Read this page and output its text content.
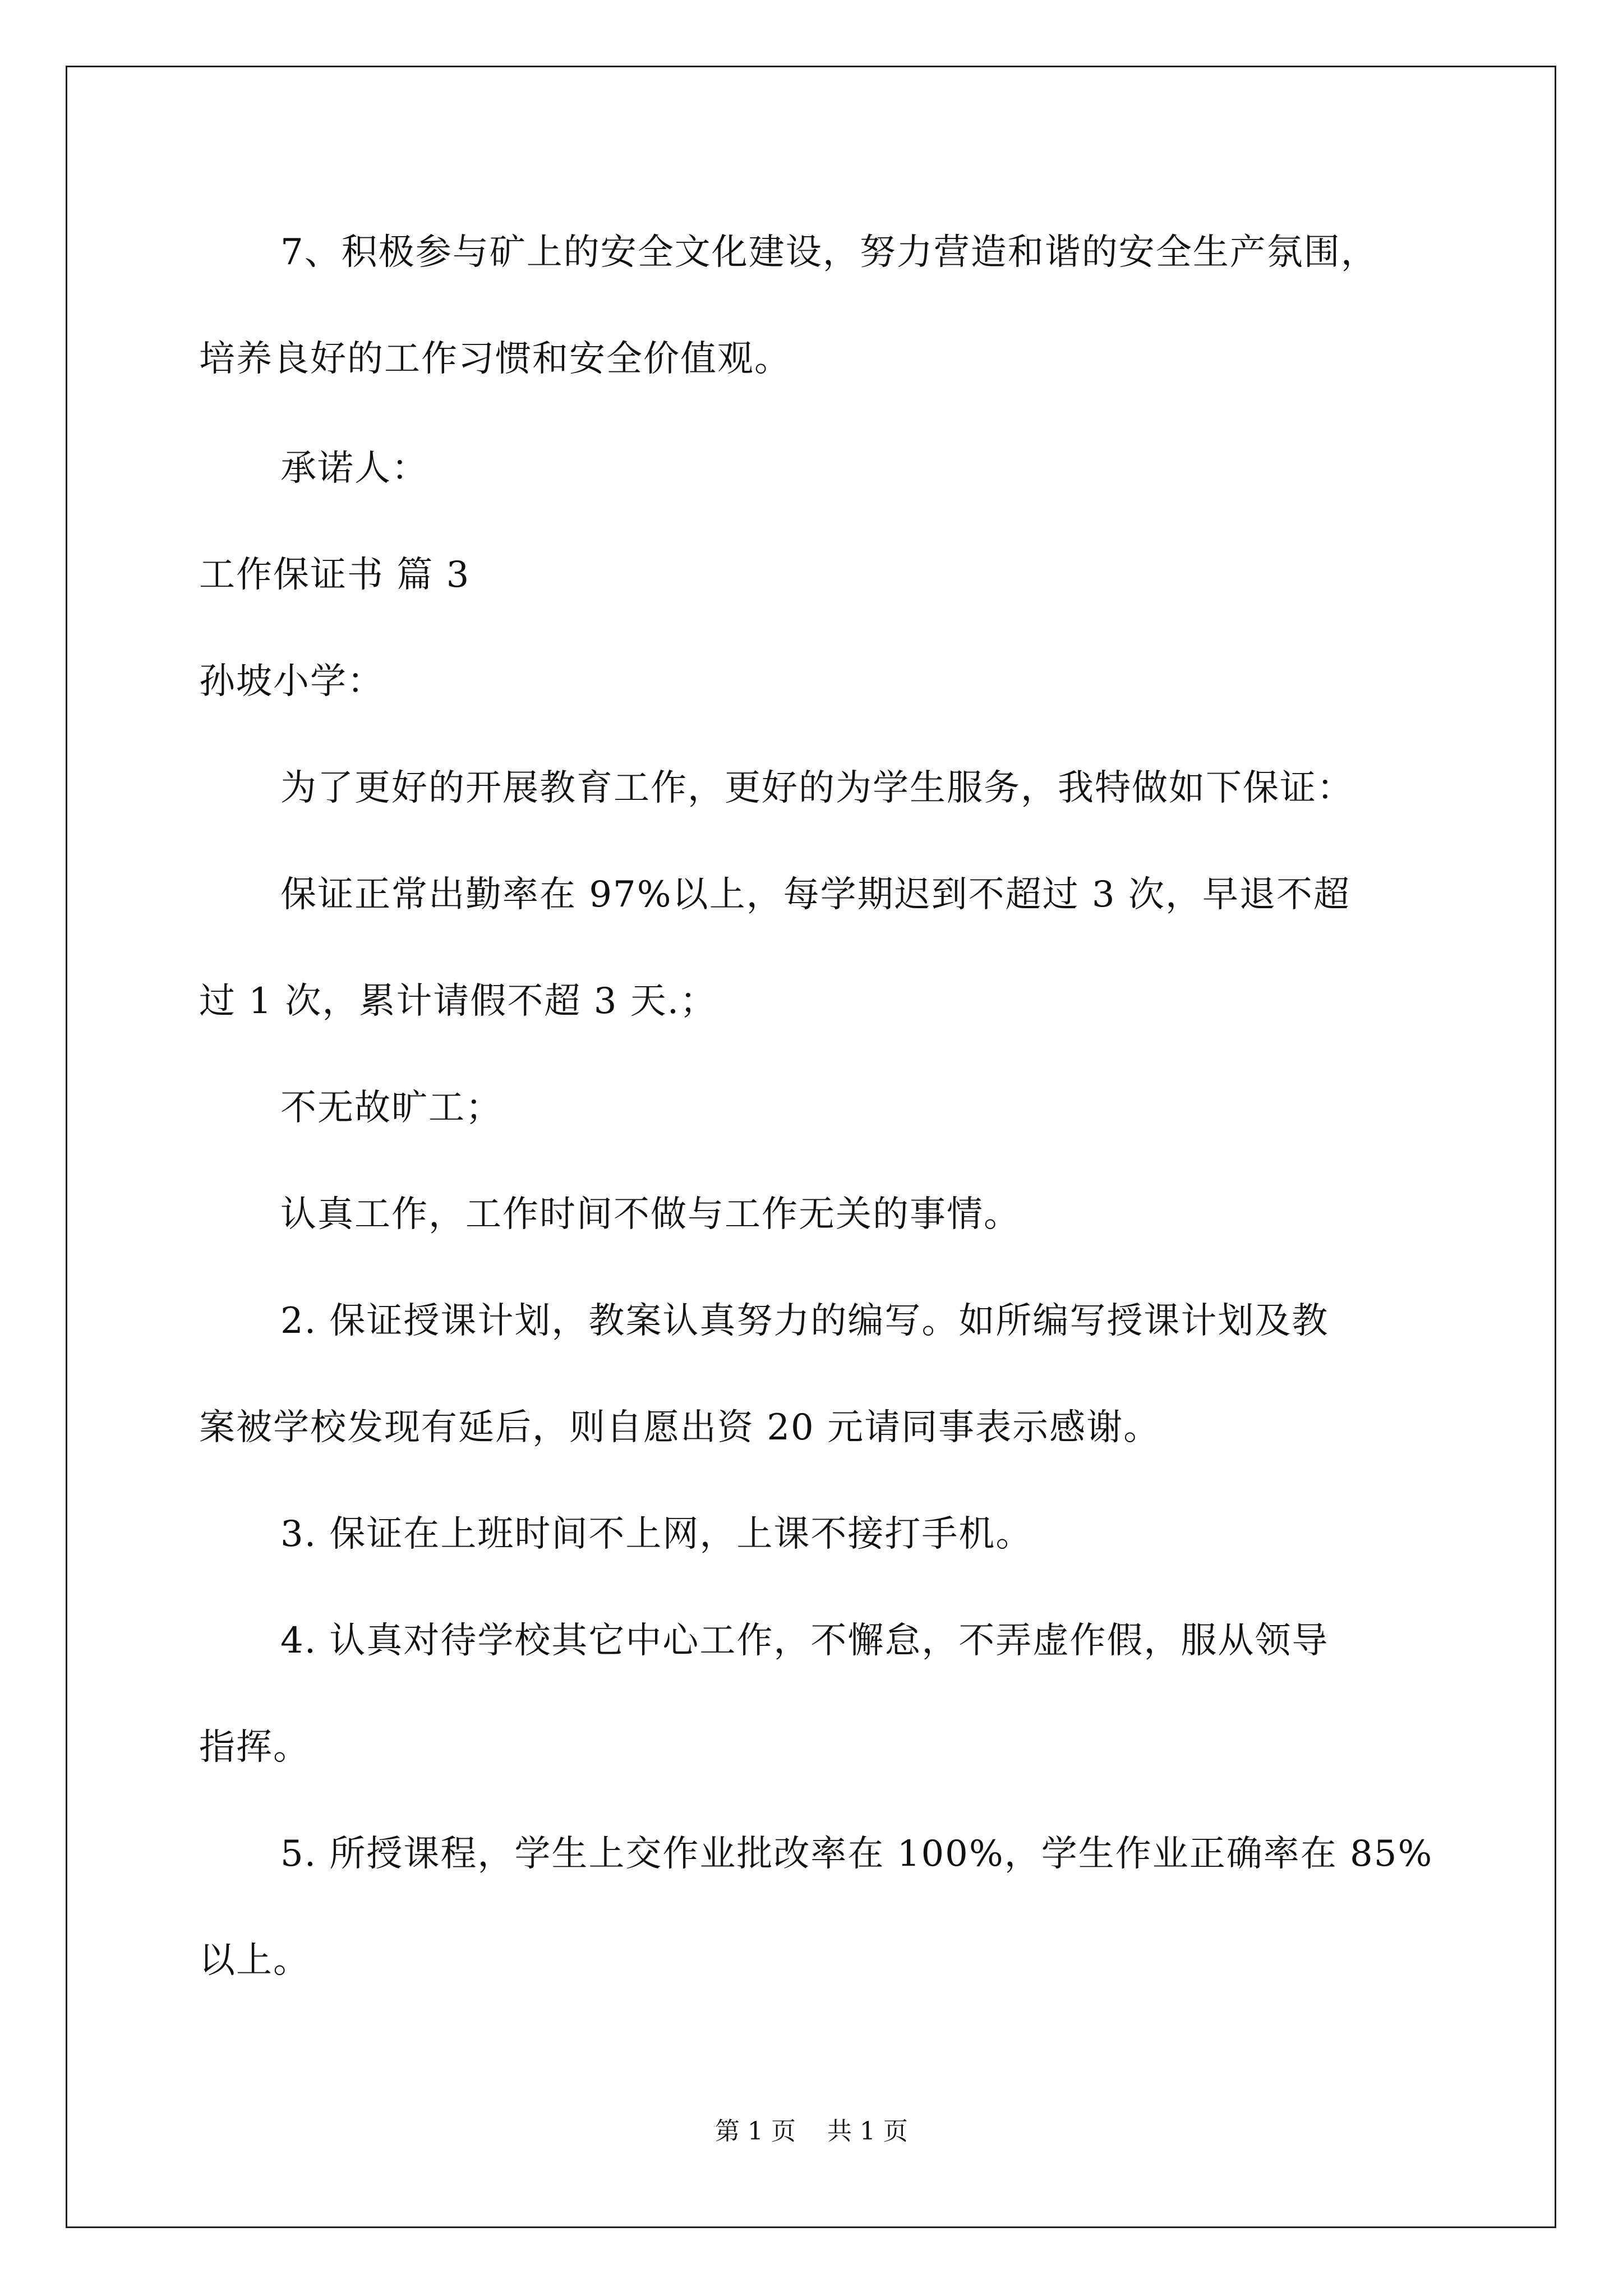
7、积极参与矿上的安全文化建设，努力营造和谐的安全生产氛围，
培养良好的工作习惯和安全价值观。
承诺人：
工作保证书 篇 3
孙坡小学：
为了更好的开展教育工作，更好的为学生服务，我特做如下保证：
保证正常出勤率在 97%以上，每学期迟到不超过 3 次，早退不超
过 1 次，累计请假不超 3 天.；
不无故旷工；
认真工作，工作时间不做与工作无关的事情。
2. 保证授课计划，教案认真努力的编写。如所编写授课计划及教
案被学校发现有延后，则自愿出资 20 元请同事表示感谢。
3. 保证在上班时间不上网，上课不接打手机。
4. 认真对待学校其它中心工作，不懈怠，不弄虚作假，服从领导
指挥。
5. 所授课程，学生上交作业批改率在 100%，学生作业正确率在 85%
以上。
第 1 页    共 1 页
